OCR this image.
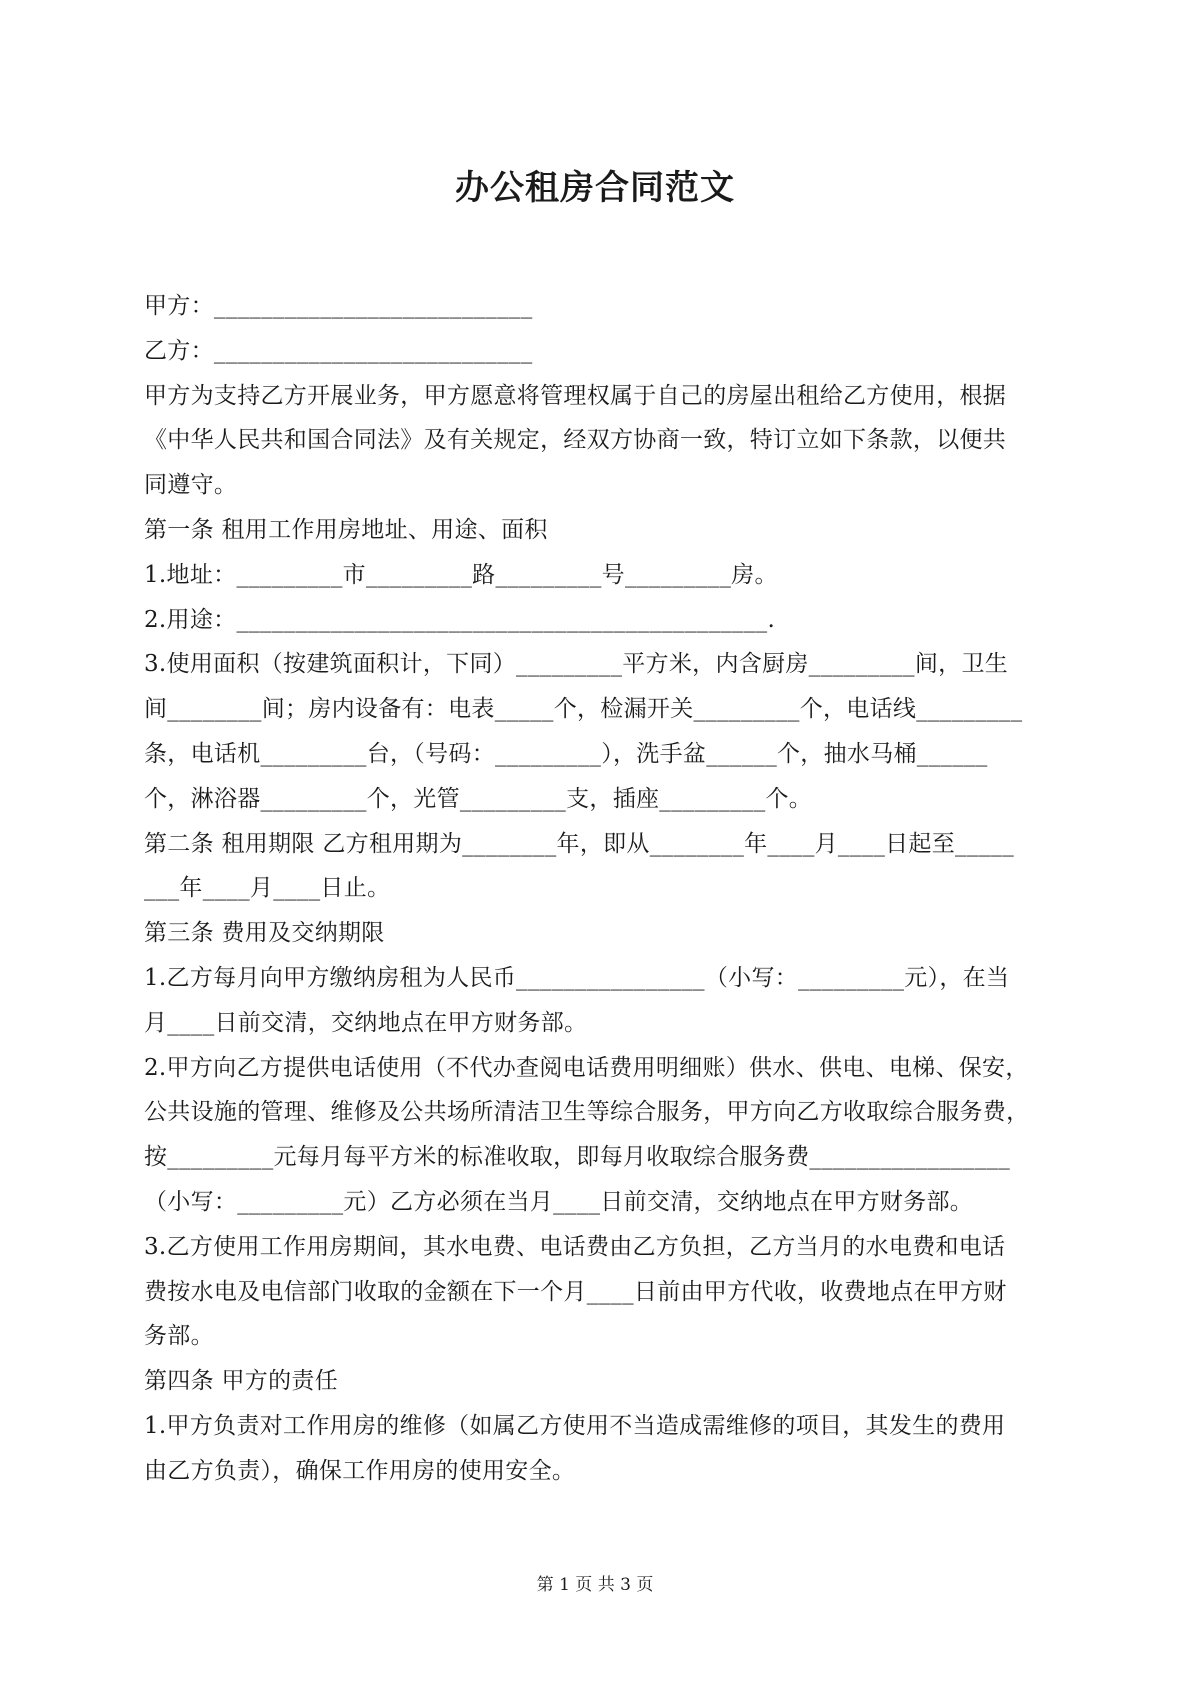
办公租房合同范文
甲方：___________________________
乙方：___________________________
甲方为支持乙方开展业务，甲方愿意将管理权属于自己的房屋出租给乙方使用，根据
《中华人民共和国合同法》及有关规定，经双方协商一致，特订立如下条款，以便共
同遵守。
第一条 租用工作用房地址、用途、面积
1.地址：_________市_________路_________号_________房。
2.用途：_____________________________________________.
3.使用面积（按建筑面积计，下同）_________平方米，内含厨房_________间，卫生
间________间；房内设备有：电表_____个，检漏开关_________个，电话线_________
条，电话机_________台，（号码：_________），洗手盆______个，抽水马桶______
个，淋浴器_________个，光管_________支，插座_________个。
第二条 租用期限 乙方租用期为________年，即从________年____月____日起至_____
___年____月____日止。
第三条 费用及交纳期限
1.乙方每月向甲方缴纳房租为人民币________________（小写：_________元），在当
月____日前交清，交纳地点在甲方财务部。
2.甲方向乙方提供电话使用（不代办查阅电话费用明细账）供水、供电、电梯、保安，
公共设施的管理、维修及公共场所清洁卫生等综合服务，甲方向乙方收取综合服务费，
按_________元每月每平方米的标准收取，即每月收取综合服务费_________________
（小写：_________元）乙方必须在当月____日前交清，交纳地点在甲方财务部。
3.乙方使用工作用房期间，其水电费、电话费由乙方负担，乙方当月的水电费和电话
费按水电及电信部门收取的金额在下一个月____日前由甲方代收，收费地点在甲方财
务部。
第四条 甲方的责任
1.甲方负责对工作用房的维修（如属乙方使用不当造成需维修的项目，其发生的费用
由乙方负责），确保工作用房的使用安全。
第 1 页 共 3 页
